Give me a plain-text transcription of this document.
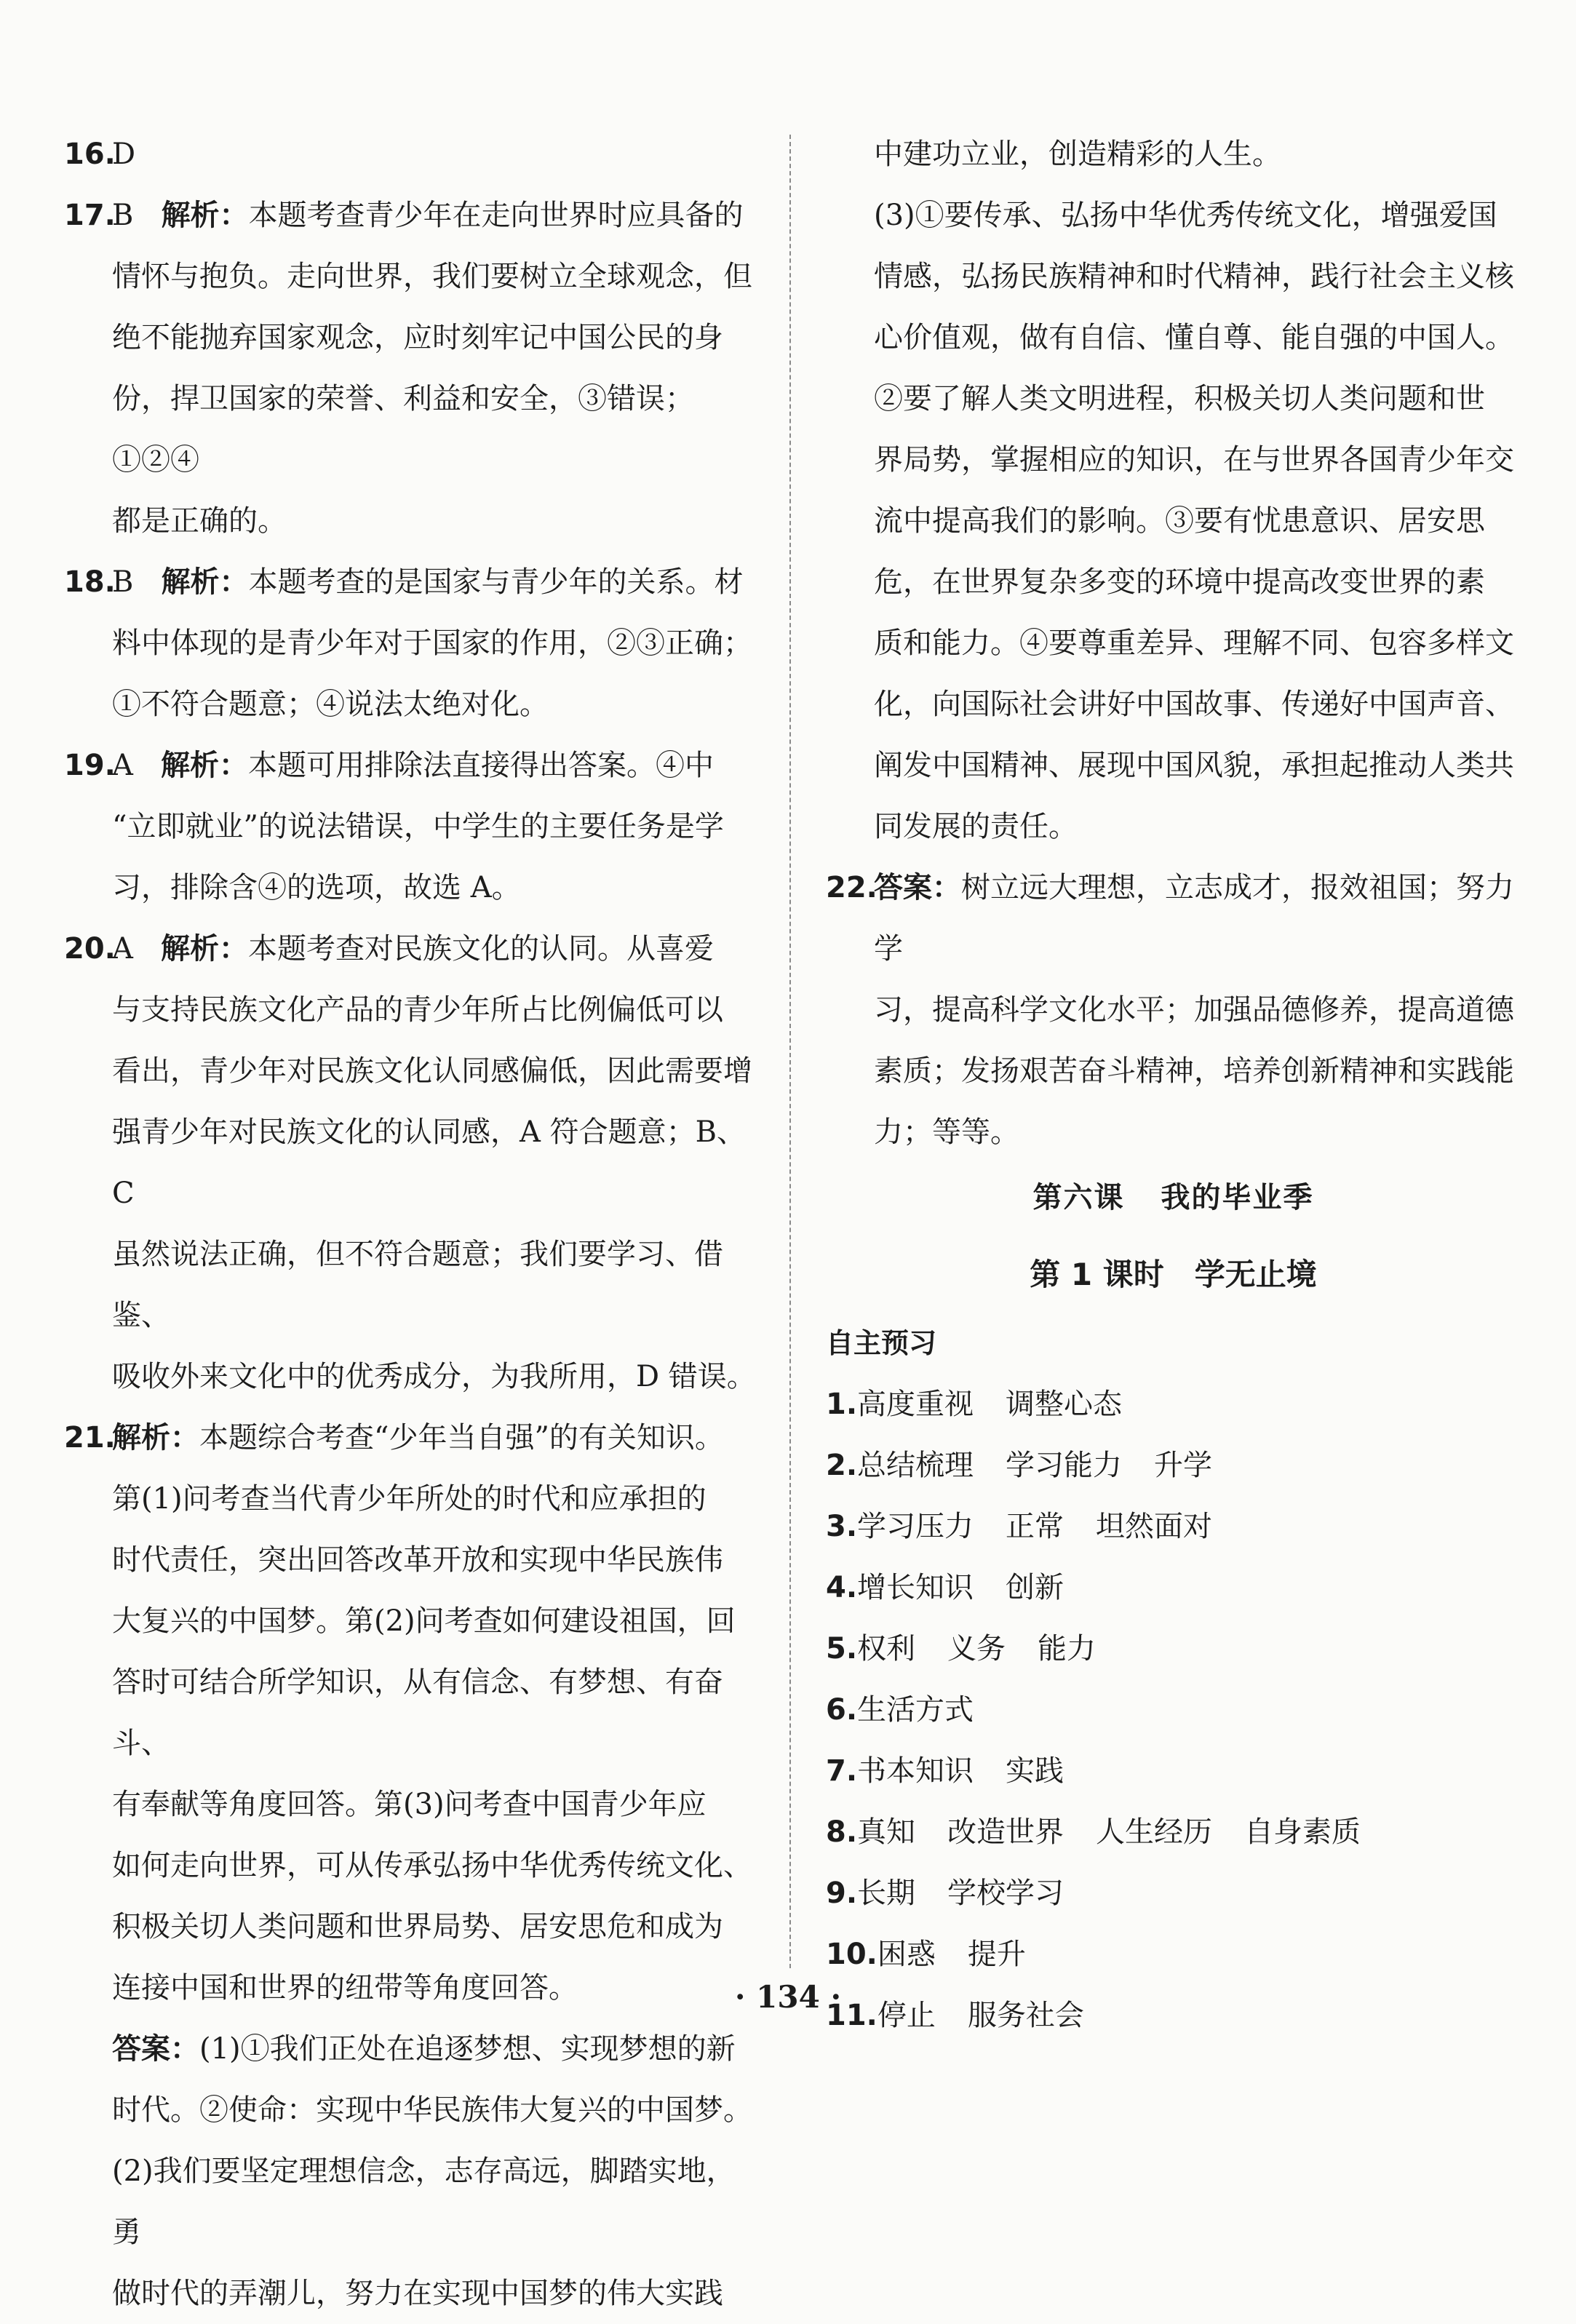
16.
D
17.
B 解析：本题考查青少年在走向世界时应具备的
情怀与抱负。走向世界，我们要树立全球观念，但
绝不能抛弃国家观念，应时刻牢记中国公民的身
份，捍卫国家的荣誉、利益和安全，③错误；①②④
都是正确的。
18.
B 解析：本题考查的是国家与青少年的关系。材
料中体现的是青少年对于国家的作用，②③正确；
①不符合题意；④说法太绝对化。
19.
A 解析：本题可用排除法直接得出答案。④中
“立即就业”的说法错误，中学生的主要任务是学
习，排除含④的选项，故选 A。
20.
A 解析：本题考查对民族文化的认同。从喜爱
与支持民族文化产品的青少年所占比例偏低可以
看出，青少年对民族文化认同感偏低，因此需要增
强青少年对民族文化的认同感，A 符合题意；B、C
虽然说法正确，但不符合题意；我们要学习、借鉴、
吸收外来文化中的优秀成分，为我所用，D 错误。
21.
解析：本题综合考查“少年当自强”的有关知识。
第(1)问考查当代青少年所处的时代和应承担的
时代责任，突出回答改革开放和实现中华民族伟
大复兴的中国梦。第(2)问考查如何建设祖国，回
答时可结合所学知识，从有信念、有梦想、有奋斗、
有奉献等角度回答。第(3)问考查中国青少年应
如何走向世界，可从传承弘扬中华优秀传统文化、
积极关切人类问题和世界局势、居安思危和成为
连接中国和世界的纽带等角度回答。
答案：(1)①我们正处在追逐梦想、实现梦想的新
时代。②使命：实现中华民族伟大复兴的中国梦。
(2)我们要坚定理想信念，志存高远，脚踏实地，勇
做时代的弄潮儿，努力在实现中国梦的伟大实践
中建功立业，创造精彩的人生。
(3)①要传承、弘扬中华优秀传统文化，增强爱国
情感，弘扬民族精神和时代精神，践行社会主义核
心价值观，做有自信、懂自尊、能自强的中国人。
②要了解人类文明进程，积极关切人类问题和世
界局势，掌握相应的知识，在与世界各国青少年交
流中提高我们的影响。③要有忧患意识、居安思
危，在世界复杂多变的环境中提高改变世界的素
质和能力。④要尊重差异、理解不同、包容多样文
化，向国际社会讲好中国故事、传递好中国声音、
阐发中国精神、展现中国风貌，承担起推动人类共
同发展的责任。
22.
答案：树立远大理想，立志成才，报效祖国；努力学
习，提高科学文化水平；加强品德修养，提高道德
素质；发扬艰苦奋斗精神，培养创新精神和实践能
力；等等。
第六课 我的毕业季
第 1 课时　学无止境
自主预习
1.高度重视 调整心态
2.总结梳理 学习能力 升学
3.学习压力 正常 坦然面对
4.增长知识 创新
5.权利 义务 能力
6.生活方式
7.书本知识 实践
8.真知 改造世界 人生经历 自身素质
9.长期 学校学习
10.困惑 提升
11.停止 服务社会
· 134 ·
